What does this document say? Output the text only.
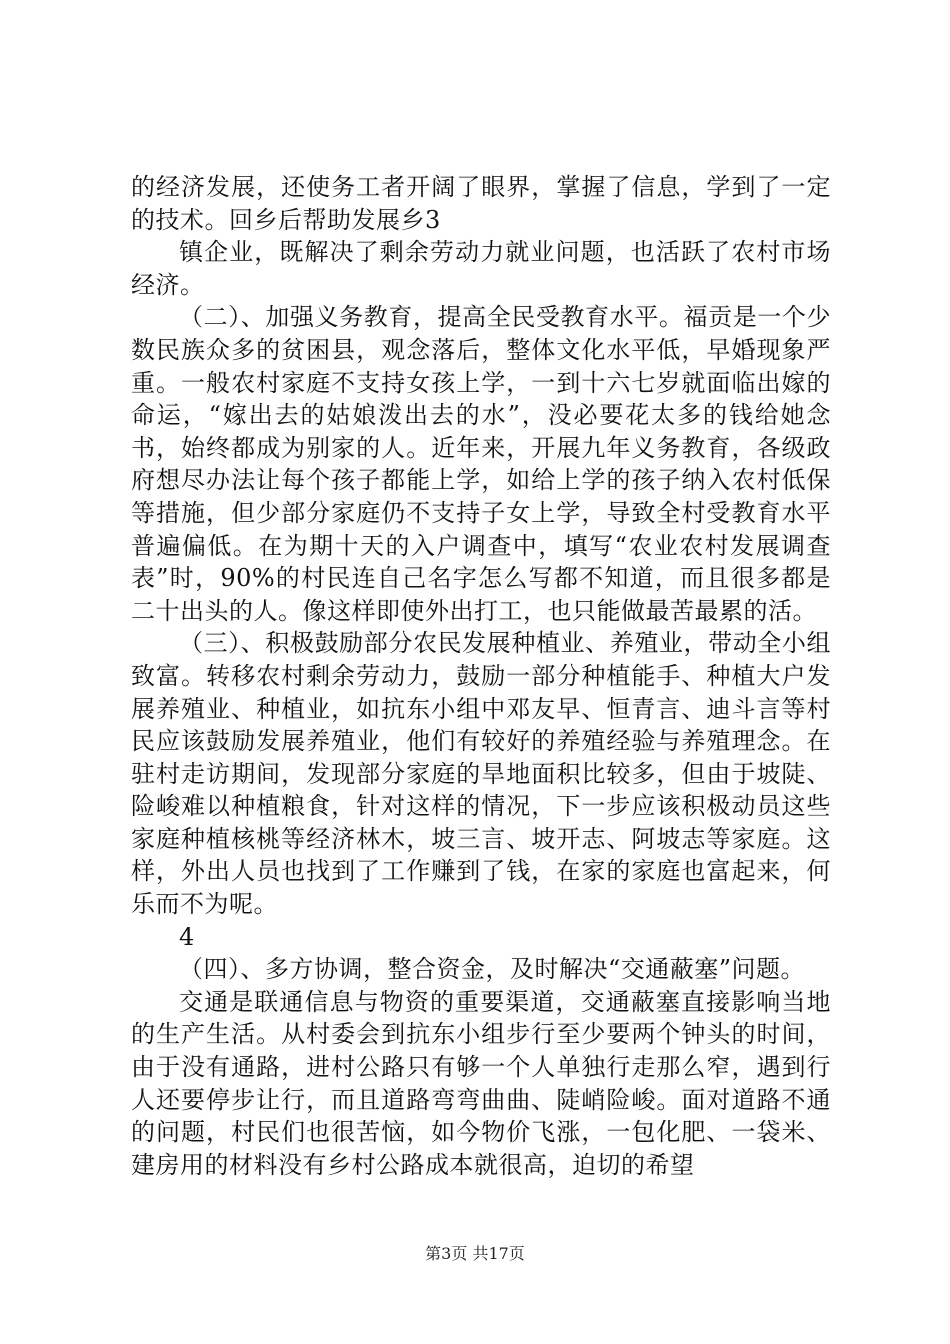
的经济发展，还使务工者开阔了眼界，掌握了信息，学到了一定的技术。回乡后帮助发展乡3

镇企业，既解决了剩余劳动力就业问题，也活跃了农村市场经济。

（二）、加强义务教育，提高全民受教育水平。福贡是一个少数民族众多的贫困县，观念落后，整体文化水平低，早婚现象严重。一般农村家庭不支持女孩上学，一到十六七岁就面临出嫁的命运，“嫁出去的姑娘泼出去的水”，没必要花太多的钱给她念书，始终都成为别家的人。近年来，开展九年义务教育，各级政府想尽办法让每个孩子都能上学，如给上学的孩子纳入农村低保等措施，但少部分家庭仍不支持子女上学，导致全村受教育水平普遍偏低。在为期十天的入户调查中，填写“农业农村发展调查表”时，90%的村民连自己名字怎么写都不知道，而且很多都是二十出头的人。像这样即使外出打工，也只能做最苦最累的活。

（三）、积极鼓励部分农民发展种植业、养殖业，带动全小组致富。转移农村剩余劳动力，鼓励一部分种植能手、种植大户发展养殖业、种植业，如抗东小组中邓友早、恒青言、迪斗言等村民应该鼓励发展养殖业，他们有较好的养殖经验与养殖理念。在驻村走访期间，发现部分家庭的旱地面积比较多，但由于坡陡、险峻难以种植粮食，针对这样的情况，下一步应该积极动员这些家庭种植核桃等经济林木，坡三言、坡开志、阿坡志等家庭。这样，外出人员也找到了工作赚到了钱，在家的家庭也富起来，何乐而不为呢。

4

（四）、多方协调，整合资金，及时解决“交通蔽塞”问题。

交通是联通信息与物资的重要渠道，交通蔽塞直接影响当地的生产生活。从村委会到抗东小组步行至少要两个钟头的时间，由于没有通路，进村公路只有够一个人单独行走那么窄，遇到行人还要停步让行，而且道路弯弯曲曲、陡峭险峻。面对道路不通的问题，村民们也很苦恼，如今物价飞涨，一包化肥、一袋米、建房用的材料没有乡村公路成本就很高，迫切的希望

第3页 共17页
